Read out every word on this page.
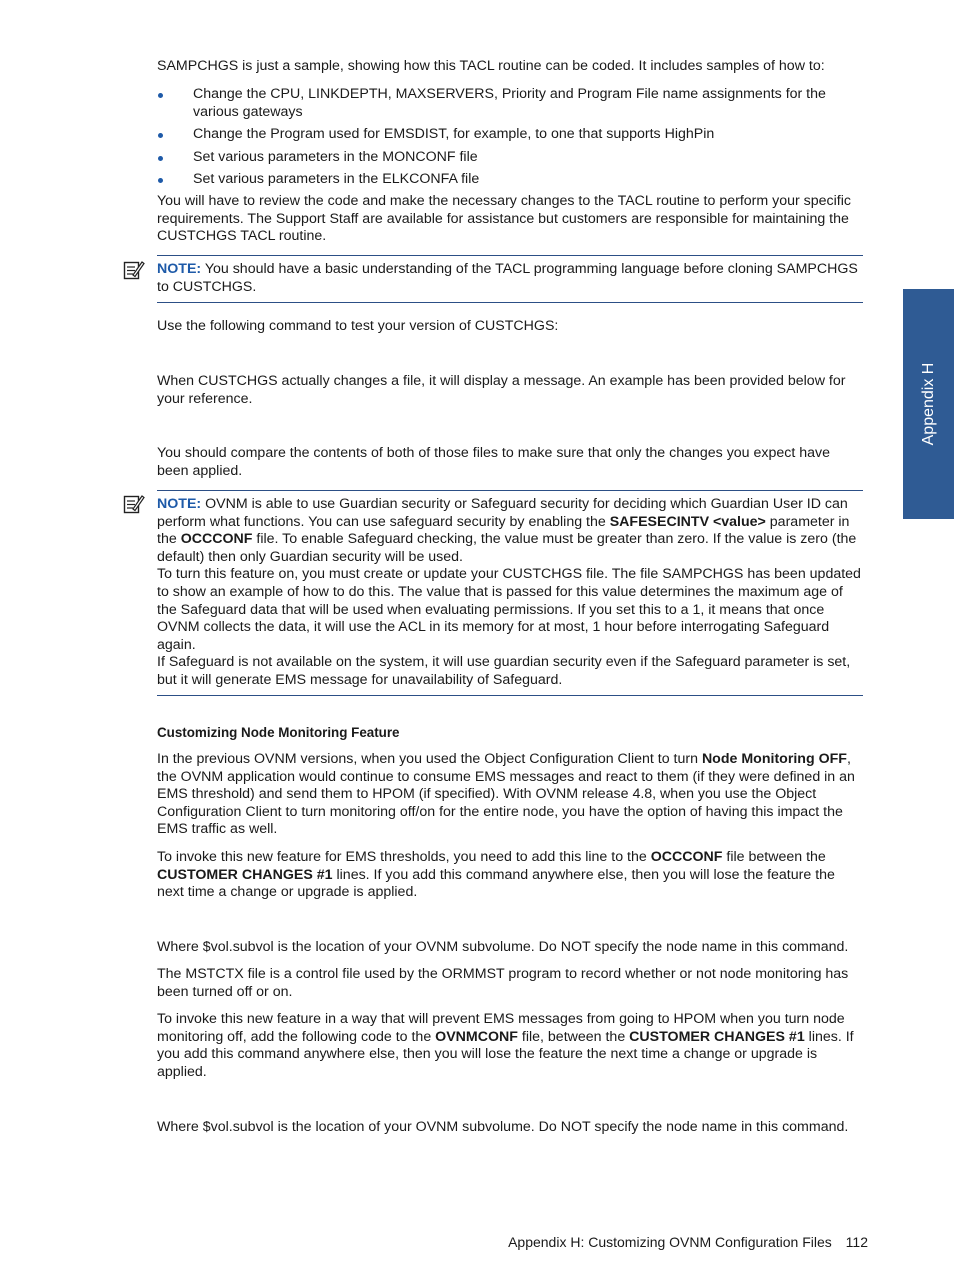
SAMPCHGS is just a sample, showing how this TACL routine can be coded. It includes samples of how to:

Change the CPU, LINKDEPTH, MAXSERVERS, Priority and Program File name assignments for the various gateways
Change the Program used for EMSDIST, for example, to one that supports HighPin
Set various parameters in the MONCONF file
Set various parameters in the ELKCONFA file

You will have to review the code and make the necessary changes to the TACL routine to perform your specific requirements. The Support Staff are available for assistance but customers are responsible for maintaining the CUSTCHGS TACL routine.

NOTE: You should have a basic understanding of the TACL programming language before cloning SAMPCHGS to CUSTCHGS.

Use the following command to test your version of CUSTCHGS:

When CUSTCHGS actually changes a file, it will display a message. An example has been provided below for your reference.

You should compare the contents of both of those files to make sure that only the changes you expect have been applied.

NOTE: OVNM is able to use Guardian security or Safeguard security for deciding which Guardian User ID can perform what functions. You can use safeguard security by enabling the SAFESECINTV <value> parameter in the OCCCONF file. To enable Safeguard checking, the value must be greater than zero. If the value is zero (the default) then only Guardian security will be used.
To turn this feature on, you must create or update your CUSTCHGS file. The file SAMPCHGS has been updated to show an example of how to do this. The value that is passed for this value determines the maximum age of the Safeguard data that will be used when evaluating permissions. If you set this to a 1, it means that once OVNM collects the data, it will use the ACL in its memory for at most, 1 hour before interrogating Safeguard again.
If Safeguard is not available on the system, it will use guardian security even if the Safeguard parameter is set, but it will generate EMS message for unavailability of Safeguard.

Customizing Node Monitoring Feature

In the previous OVNM versions, when you used the Object Configuration Client to turn Node Monitoring OFF, the OVNM application would continue to consume EMS messages and react to them (if they were defined in an EMS threshold) and send them to HPOM (if specified). With OVNM release 4.8, when you use the Object Configuration Client to turn monitoring off/on for the entire node, you have the option of having this impact the EMS traffic as well.

To invoke this new feature for EMS thresholds, you need to add this line to the OCCCONF file between the CUSTOMER CHANGES #1 lines. If you add this command anywhere else, then you will lose the feature the next time a change or upgrade is applied.

Where $vol.subvol is the location of your OVNM subvolume. Do NOT specify the node name in this command.

The MSTCTX file is a control file used by the ORMMST program to record whether or not node monitoring has been turned off or on.

To invoke this new feature in a way that will prevent EMS messages from going to HPOM when you turn node monitoring off, add the following code to the OVNMCONF file, between the CUSTOMER CHANGES #1 lines. If you add this command anywhere else, then you will lose the feature the next time a change or upgrade is applied.

Where $vol.subvol is the location of your OVNM subvolume. Do NOT specify the node name in this command.

Appendix H
Appendix H: Customizing OVNM Configuration Files 112
